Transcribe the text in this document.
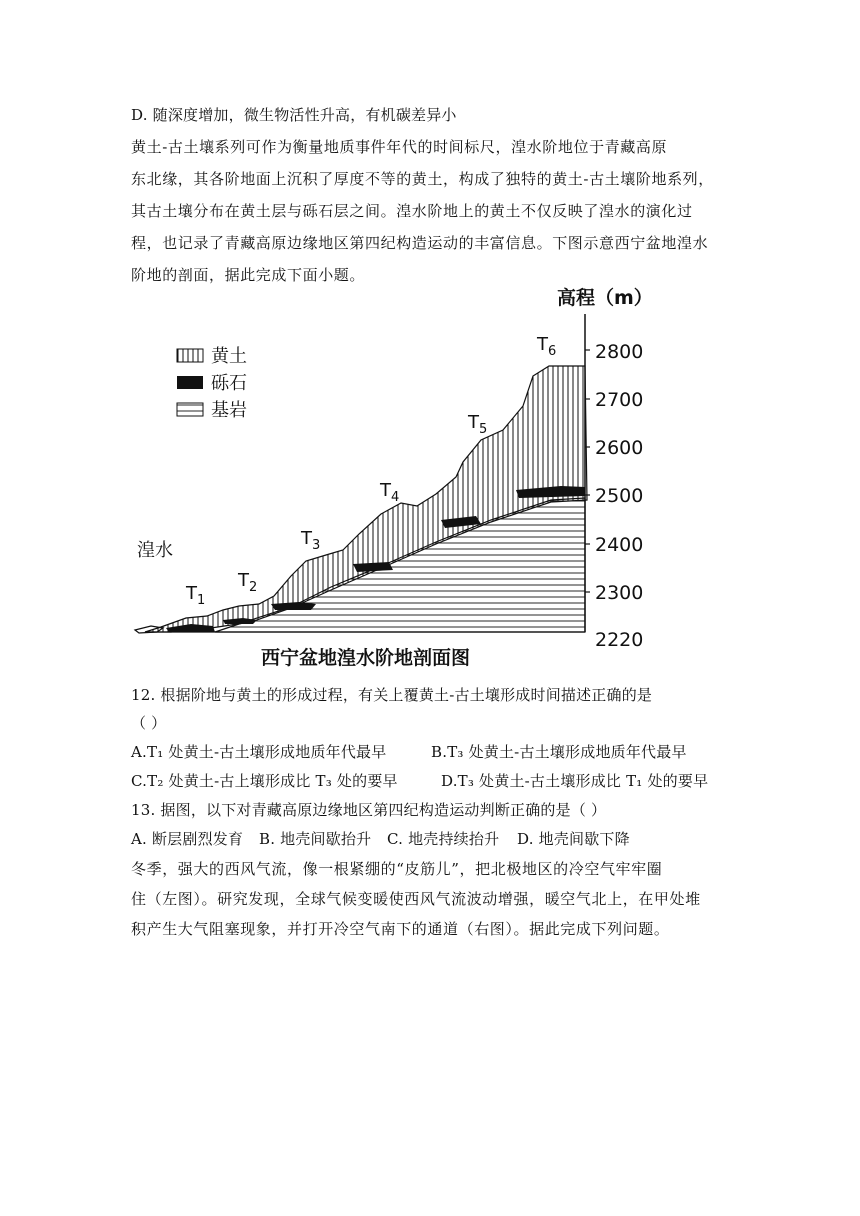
D. 随深度增加，微生物活性升高，有机碳差异小
黄土-古土壤系列可作为衡量地质事件年代的时间标尺，湟水阶地位于青藏高原
东北缘，其各阶地面上沉积了厚度不等的黄土，构成了独特的黄土-古土壤阶地系列，
其古土壤分布在黄土层与砾石层之间。湟水阶地上的黄土不仅反映了湟水的演化过
程，也记录了青藏高原边缘地区第四纪构造运动的丰富信息。下图示意西宁盆地湟水
阶地的剖面，据此完成下面小题。
黄土
砾石
基岩
高程（m）
2800
2700
2600
2500
2400
2300
2220
$T_1$
$T_2$
$T_3$
$T_4$
$T_5$
$T_6$
湟水
西宁盆地湟水阶地剖面图
12. 根据阶地与黄土的形成过程，有关上覆黄土-古土壤形成时间描述正确的是
（ ）
A.T₁ 处黄土-古土壤形成地质年代最早	B.T₃ 处黄土-古土壤形成地质年代最早
C.T₂ 处黄土-古上壤形成比 T₃ 处的要早	D.T₃ 处黄土-古土壤形成比 T₁ 处的要早
13. 据图，以下对青藏高原边缘地区第四纪构造运动判断正确的是（ ）
A. 断层剧烈发育 B. 地壳间歇抬升 C. 地壳持续抬升 D. 地壳间歇下降
冬季，强大的西风气流，像一根紧绷的“皮筋儿”，把北极地区的冷空气牢牢圈
住（左图）。研究发现，全球气候变暖使西风气流波动增强，暖空气北上，在甲处堆
积产生大气阻塞现象，并打开冷空气南下的通道（右图）。据此完成下列问题。
